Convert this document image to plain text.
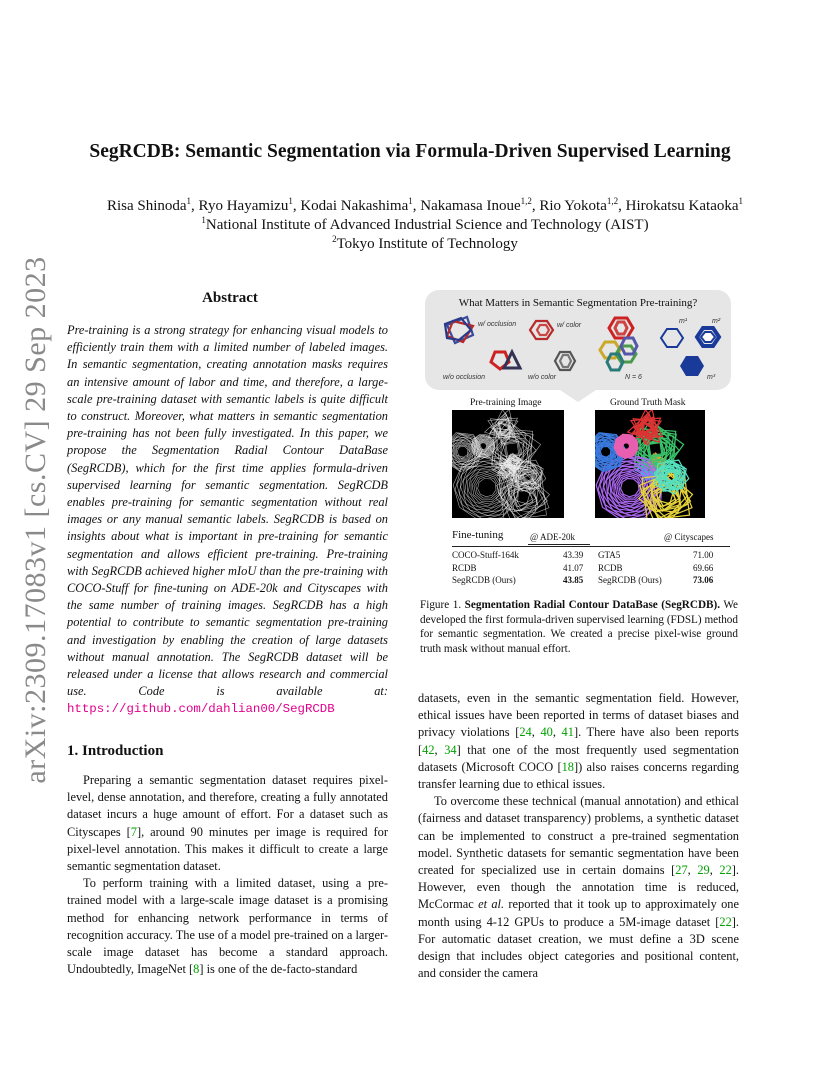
arXiv:2309.17083v1 [cs.CV] 29 Sep 2023
SegRCDB: Semantic Segmentation via Formula-Driven Supervised Learning
Risa Shinoda$^1$, Ryo Hayamizu$^1$, Kodai Nakashima$^1$, Nakamasa Inoue$^{1,2}$, Rio Yokota$^{1,2}$, Hirokatsu Kataoka$^1$
$^1$National Institute of Advanced Industrial Science and Technology (AIST)
$^2$Tokyo Institute of Technology
Abstract
Pre-training is a strong strategy for enhancing visual models to efficiently train them with a limited number of labeled images. In semantic segmentation, creating annotation masks requires an intensive amount of labor and time, and therefore, a large-scale pre-training dataset with semantic labels is quite difficult to construct. Moreover, what matters in semantic segmentation pre-training has not been fully investigated. In this paper, we propose the Segmentation Radial Contour DataBase (SegRCDB), which for the first time applies formula-driven supervised learning for semantic segmentation. SegRCDB enables pre-training for semantic segmentation without real images or any manual semantic labels. SegRCDB is based on insights about what is important in pre-training for semantic segmentation and allows efficient pre-training. Pre-training with SegRCDB achieved higher mIoU than the pre-training with COCO-Stuff for fine-tuning on ADE-20k and Cityscapes with the same number of training images. SegRCDB has a high potential to contribute to semantic segmentation pre-training and investigation by enabling the creation of large datasets without manual annotation. The SegRCDB dataset will be released under a license that allows research and commercial use. Code is available at: https://github.com/dahlian00/SegRCDB
1. Introduction

Preparing a semantic segmentation dataset requires pixel-level, dense annotation, and therefore, creating a fully annotated dataset incurs a huge amount of effort. For a dataset such as Cityscapes [7], around 90 minutes per image is required for pixel-level annotation. This makes it difficult to create a large semantic segmentation dataset.

To perform training with a limited dataset, using a pre-trained model with a large-scale image dataset is a promising method for enhancing network performance in terms of recognition accuracy. The use of a model pre-trained on a larger-scale image dataset has become a standard approach. Undoubtedly, ImageNet [8] is one of the de-facto-standard

What Matters in Semantic Segmentation Pre-training?
w/ occlusion
w/o occlusion
w/ color
w/o color	N = 6
m¹	m²
m³
Pre-training Image	Ground Truth Mask
Fine-tuning	@ ADE-20k	@ Cityscapes
COCO-Stuff-164k	43.39 GTA5	71.00
RCDB	41.07 RCDB	69.66
SegRCDB (Ours)	43.85 SegRCDB (Ours)	73.06
Figure 1. Segmentation Radial Contour DataBase (SegRCDB). We developed the first formula-driven supervised learning (FDSL) method for semantic segmentation. We created a precise pixel-wise ground truth mask without manual effort.

datasets, even in the semantic segmentation field. However, ethical issues have been reported in terms of dataset biases and privacy violations [24, 40, 41]. There have also been reports [42, 34] that one of the most frequently used segmentation datasets (Microsoft COCO [18]) also raises concerns regarding transfer learning due to ethical issues.

To overcome these technical (manual annotation) and ethical (fairness and dataset transparency) problems, a synthetic dataset can be implemented to construct a pre-trained segmentation model. Synthetic datasets for semantic segmentation have been created for specialized use in certain domains [27, 29, 22]. However, even though the annotation time is reduced, McCormac et al. reported that it took up to approximately one month using 4-12 GPUs to produce a 5M-image dataset [22]. For automatic dataset creation, we must define a 3D scene design that includes object categories and positional content, and consider the camera
